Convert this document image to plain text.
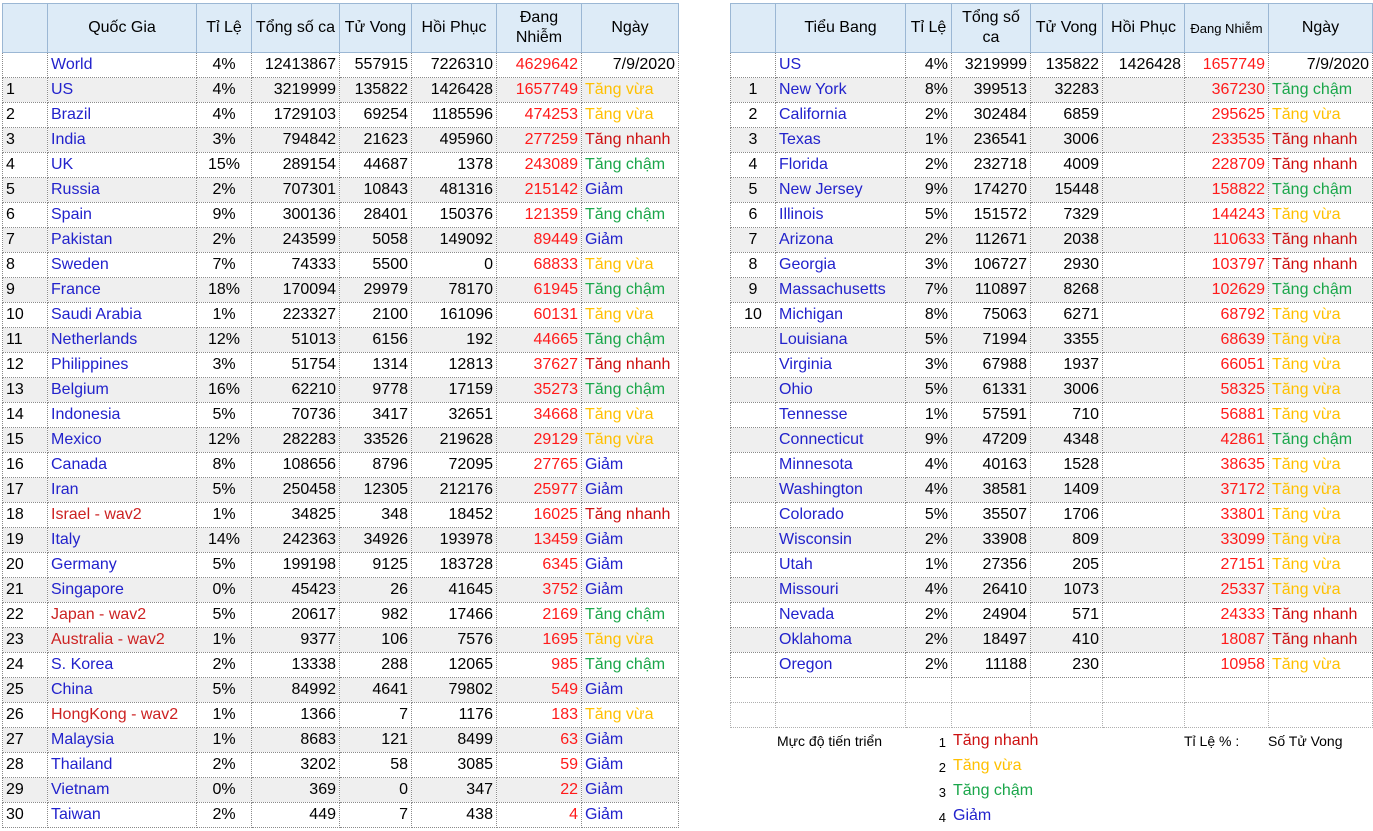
	Quốc Gia	Tỉ Lệ	Tổng số ca	Tử Vong	Hồi Phục	Đang Nhiễm	Ngày
	World	4%	12413867	557915	7226310	4629642	7/9/2020
1	US	4%	3219999	135822	1426428	1657749	Tăng vừa
2	Brazil	4%	1729103	69254	1185596	474253	Tăng vừa
3	India	3%	794842	21623	495960	277259	Tăng nhanh
4	UK	15%	289154	44687	1378	243089	Tăng chậm
5	Russia	2%	707301	10843	481316	215142	Giảm
6	Spain	9%	300136	28401	150376	121359	Tăng chậm
7	Pakistan	2%	243599	5058	149092	89449	Giảm
8	Sweden	7%	74333	5500	0	68833	Tăng vừa
9	France	18%	170094	29979	78170	61945	Tăng chậm
10	Saudi Arabia	1%	223327	2100	161096	60131	Tăng vừa
11	Netherlands	12%	51013	6156	192	44665	Tăng chậm
12	Philippines	3%	51754	1314	12813	37627	Tăng nhanh
13	Belgium	16%	62210	9778	17159	35273	Tăng chậm
14	Indonesia	5%	70736	3417	32651	34668	Tăng vừa
15	Mexico	12%	282283	33526	219628	29129	Tăng vừa
16	Canada	8%	108656	8796	72095	27765	Giảm
17	Iran	5%	250458	12305	212176	25977	Giảm
18	Israel - wav2	1%	34825	348	18452	16025	Tăng nhanh
19	Italy	14%	242363	34926	193978	13459	Giảm
20	Germany	5%	199198	9125	183728	6345	Giảm
21	Singapore	0%	45423	26	41645	3752	Giảm
22	Japan - wav2	5%	20617	982	17466	2169	Tăng chậm
23	Australia - wav2	1%	9377	106	7576	1695	Tăng vừa
24	S. Korea	2%	13338	288	12065	985	Tăng chậm
25	China	5%	84992	4641	79802	549	Giảm
26	HongKong - wav2	1%	1366	7	1176	183	Tăng vừa
27	Malaysia	1%	8683	121	8499	63	Giảm
28	Thailand	2%	3202	58	3085	59	Giảm
29	Vietnam	0%	369	0	347	22	Giảm
30	Taiwan	2%	449	7	438	4	Giảm
	Tiểu Bang	Tỉ Lệ	Tổng số ca	Tử Vong	Hồi Phục	Đang Nhiễm	Ngày
	US	4%	3219999	135822	1426428	1657749	7/9/2020
1	New York	8%	399513	32283		367230	Tăng chậm
2	California	2%	302484	6859		295625	Tăng vừa
3	Texas	1%	236541	3006		233535	Tăng nhanh
4	Florida	2%	232718	4009		228709	Tăng nhanh
5	New Jersey	9%	174270	15448		158822	Tăng chậm
6	Illinois	5%	151572	7329		144243	Tăng vừa
7	Arizona	2%	112671	2038		110633	Tăng nhanh
8	Georgia	3%	106727	2930		103797	Tăng nhanh
9	Massachusetts	7%	110897	8268		102629	Tăng chậm
10	Michigan	8%	75063	6271		68792	Tăng vừa
	Louisiana	5%	71994	3355		68639	Tăng vừa
	Virginia	3%	67988	1937		66051	Tăng vừa
	Ohio	5%	61331	3006		58325	Tăng vừa
	Tennesse	1%	57591	710		56881	Tăng vừa
	Connecticut	9%	47209	4348		42861	Tăng chậm
	Minnesota	4%	40163	1528		38635	Tăng vừa
	Washington	4%	38581	1409		37172	Tăng vừa
	Colorado	5%	35507	1706		33801	Tăng vừa
	Wisconsin	2%	33908	809		33099	Tăng vừa
	Utah	1%	27356	205		27151	Tăng vừa
	Missouri	4%	26410	1073		25337	Tăng vừa
	Nevada	2%	24904	571		24333	Tăng nhanh
	Oklahoma	2%	18497	410		18087	Tăng nhanh
	Oregon	2%	11188	230		10958	Tăng vừa

Mực độ tiến triển	1 Tăng nhanh
2 Tăng vừa
3 Tăng chậm
4 Giảm
Tỉ Lệ % : Số Tử Vong
